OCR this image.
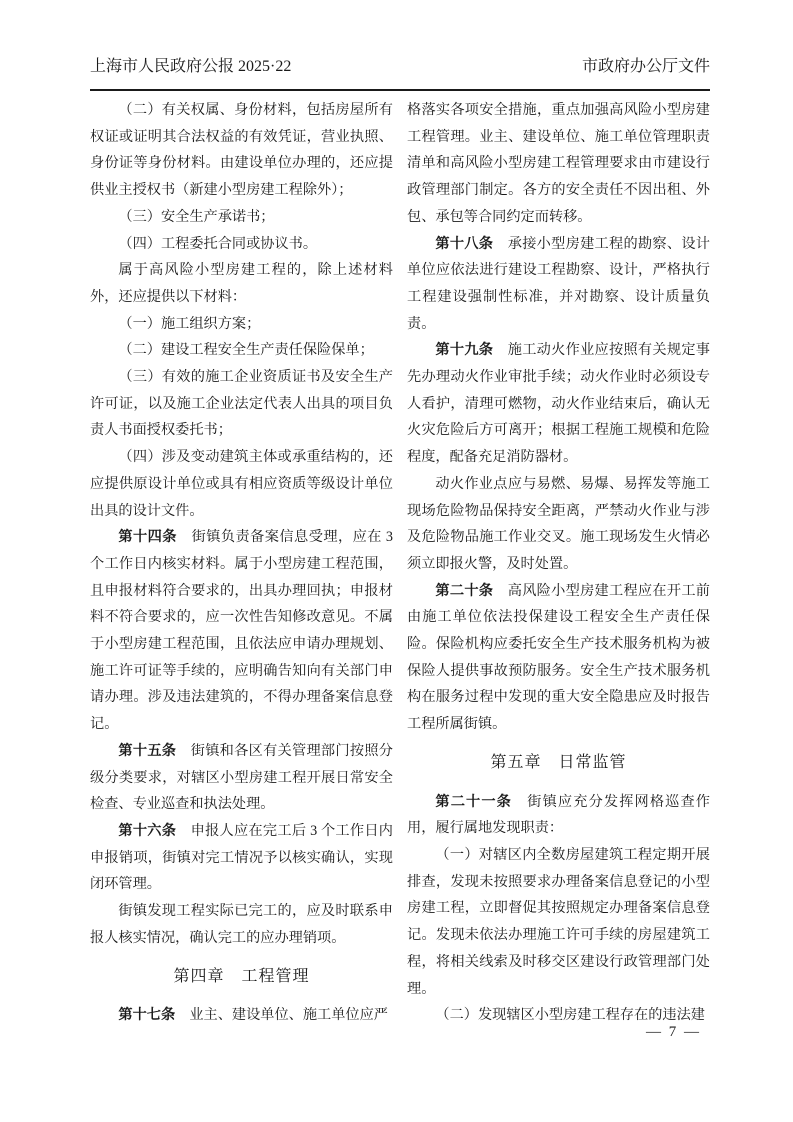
上海市人民政府公报 2025·22	市政府办公厅文件

（二）有关权属、身份材料，包括房屋所有权证或证明其合法权益的有效凭证，营业执照、身份证等身份材料。由建设单位办理的，还应提供业主授权书（新建小型房建工程除外）；

（三）安全生产承诺书；

（四）工程委托合同或协议书。

属于高风险小型房建工程的，除上述材料外，还应提供以下材料：

（一）施工组织方案；

（二）建设工程安全生产责任保险保单；

（三）有效的施工企业资质证书及安全生产许可证，以及施工企业法定代表人出具的项目负责人书面授权委托书；

（四）涉及变动建筑主体或承重结构的，还应提供原设计单位或具有相应资质等级设计单位出具的设计文件。

第十四条　街镇负责备案信息受理，应在 3 个工作日内核实材料。属于小型房建工程范围，且申报材料符合要求的，出具办理回执；申报材料不符合要求的，应一次性告知修改意见。不属于小型房建工程范围，且依法应申请办理规划、施工许可证等手续的，应明确告知向有关部门申请办理。涉及违法建筑的，不得办理备案信息登记。

第十五条　街镇和各区有关管理部门按照分级分类要求，对辖区小型房建工程开展日常安全检查、专业巡查和执法处理。

第十六条　申报人应在完工后 3 个工作日内申报销项，街镇对完工情况予以核实确认，实现闭环管理。

街镇发现工程实际已完工的，应及时联系申报人核实情况，确认完工的应办理销项。

第四章　工程管理

第十七条　业主、建设单位、施工单位应严

格落实各项安全措施，重点加强高风险小型房建工程管理。业主、建设单位、施工单位管理职责清单和高风险小型房建工程管理要求由市建设行政管理部门制定。各方的安全责任不因出租、外包、承包等合同约定而转移。

第十八条　承接小型房建工程的勘察、设计单位应依法进行建设工程勘察、设计，严格执行工程建设强制性标准，并对勘察、设计质量负责。

第十九条　施工动火作业应按照有关规定事先办理动火作业审批手续；动火作业时必须设专人看护，清理可燃物，动火作业结束后，确认无火灾危险后方可离开；根据工程施工规模和危险程度，配备充足消防器材。

动火作业点应与易燃、易爆、易挥发等施工现场危险物品保持安全距离，严禁动火作业与涉及危险物品施工作业交叉。施工现场发生火情必须立即报火警，及时处置。

第二十条　高风险小型房建工程应在开工前由施工单位依法投保建设工程安全生产责任保险。保险机构应委托安全生产技术服务机构为被保险人提供事故预防服务。安全生产技术服务机构在服务过程中发现的重大安全隐患应及时报告工程所属街镇。

第五章　日常监管

第二十一条　街镇应充分发挥网格巡查作用，履行属地发现职责：

（一）对辖区内全数房屋建筑工程定期开展排查，发现未按照要求办理备案信息登记的小型房建工程，立即督促其按照规定办理备案信息登记。发现未依法办理施工许可手续的房屋建筑工程，将相关线索及时移交区建设行政管理部门处理。

（二）发现辖区小型房建工程存在的违法建

— 7 —
